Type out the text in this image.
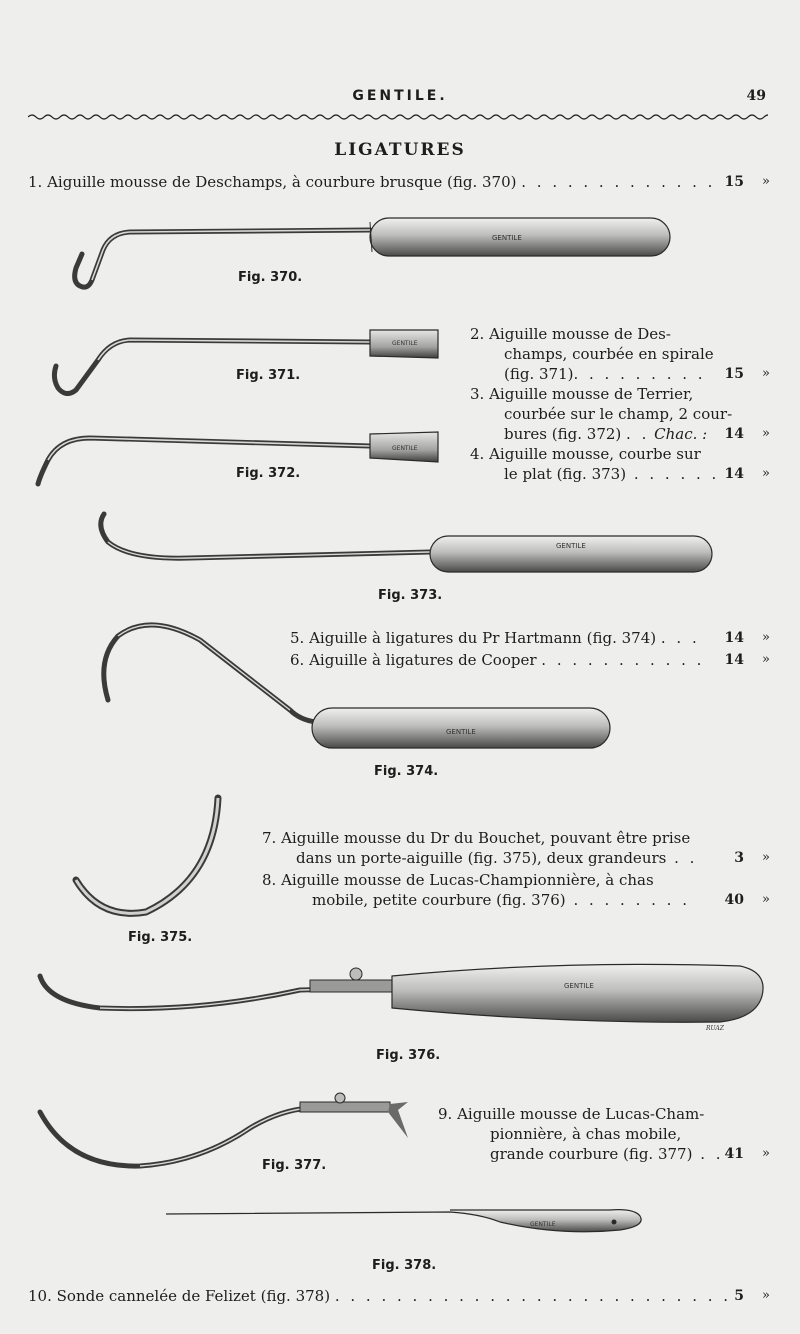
GENTILE.	49
LIGATURES
1. Aiguille mousse de Deschamps, à courbure brusque (fig. 370) . . . . . . . . . . . . . 15 »
GENTILE
GENTILE
GENTILE
GENTILE
GENTILE
GENTILE
RUAZ
GENTILE
Fig. 370.
Fig. 371.
Fig. 372.
Fig. 373.
Fig. 374.
Fig. 375.
Fig. 376.
Fig. 377.
Fig. 378.
2. Aiguille mousse de Des-
champs, courbée en spirale
(fig. 371). . . . . . . . .	15 »
3. Aiguille mousse de Terrier,
courbée sur le champ, 2 cour-
bures (fig. 372) . . Chac. :	14 »
4. Aiguille mousse, courbe sur
le plat (fig. 373) . . . . . . 14 »
5. Aiguille à ligatures du Pr Hartmann (fig. 374) . . .	14 »
6. Aiguille à ligatures de Cooper . . . . . . . . . . .	14 »
7. Aiguille mousse du Dr du Bouchet, pouvant être prise
dans un porte-aiguille (fig. 375), deux grandeurs . .	3 »
8. Aiguille mousse de Lucas-Championnière, à chas
mobile, petite courbure (fig. 376) . . . . . . . .	40 »
9. Aiguille mousse de Lucas-Cham-
pionnière, à chas mobile,
grande courbure (fig. 377) . . 41 »
10. Sonde cannelée de Felizet (fig. 378) . . . . . . . . . . . . . . . . . . . . . . . . . . 5 »
